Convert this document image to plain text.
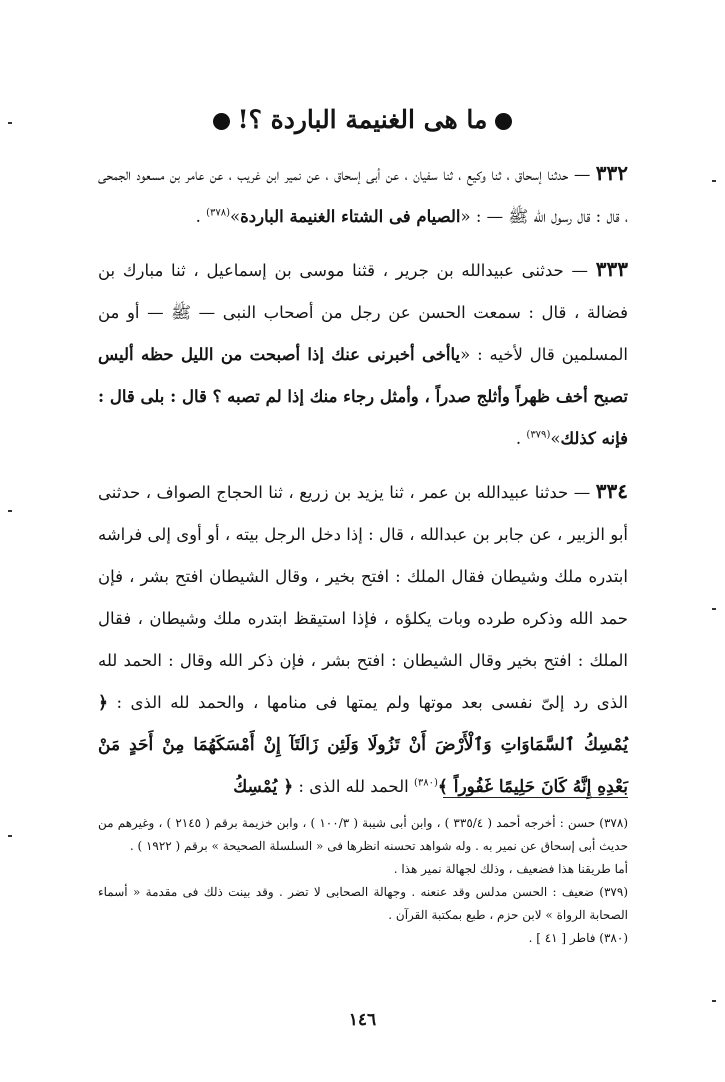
ما هى الغنيمة الباردة ؟!

٣٣٢ — حدثنا إسحاق ، ثنا وكيع ، ثنا سفيان ، عن أبى إسحاق ، عن نمير ابن غريب ، عن عامر بن مسعود الجمحى ، قال : قال رسول الله ﷺ — : «الصيام فى الشتاء الغنيمة الباردة»$^{(٣٧٨)}$ .

٣٣٣ — حدثنى عبيدالله بن جرير ، قثنا موسى بن إسماعيل ، ثنا مبارك بن فضالة ، قال : سمعت الحسن عن رجل من أصحاب النبى — ﷺ — أو من المسلمين قال لأخيه : «ياأخى أخبرنى عنك إذا أصبحت من الليل حظه أليس تصبح أخف ظهراً وأثلج صدراً ، وأمثل رجاء منك إذا لم تصبه ؟ قال : بلى قال : فإنه كذلك»$^{(٣٧٩)}$ .

٣٣٤ — حدثنا عبيدالله بن عمر ، ثنا يزيد بن زريع ، ثنا الحجاج الصواف ، حدثنى أبو الزبير ، عن جابر بن عبدالله ، قال : إذا دخل الرجل بيته ، أو أوى إلى فراشه ابتدره ملك وشيطان فقال الملك : افتح بخير ، وقال الشيطان افتح بشر ، فإن حمد الله وذكره طرده وبات يكلؤه ، فإذا استيقظ ابتدره ملك وشيطان ، فقال الملك : افتح بخير وقال الشيطان : افتح بشر ، فإن ذكر الله وقال : الحمد لله الذى رد إلىّ نفسى بعد موتها ولم يمتها فى منامها ، والحمد لله الذى : ﴿ يُمْسِكُ ٱلسَّمَاوَاتِ وَٱلْأَرْضَ أَنْ تَزُولَا وَلَئِن زَالَتَآ إِنْ أَمْسَكَهُمَا مِنْ أَحَدٍ مَنْ بَعْدِهِ إِنَّهُ كَانَ حَلِيمًا غَفُوراً ﴾$^{(٣٨٠)}$ الحمد لله الذى : ﴿ يُمْسِكُ

(٣٧٨) حسن : أخرجه أحمد ( ٣٣٥/٤ ) ، وابن أبى شيبة ( ١٠٠/٣ ) ، وابن خزيمة برقم ( ٢١٤٥ ) ، وغيرهم من حديث أبى إسحاق عن نمير به . وله شواهد تحسنه انظرها فى « السلسلة الصحيحة » برقم ( ١٩٢٢ ) .

أما طريقنا هذا فضعيف ، وذلك لجهالة نمير هذا .

(٣٧٩) ضعيف : الحسن مدلس وقد عنعنه . وجهالة الصحابى لا تضر . وقد بينت ذلك فى مقدمة « أسماء الصحابة الرواة » لابن حزم ، طبع بمكتبة القرآن .

(٣٨٠) فاطر [ ٤١ ] .

١٤٦
